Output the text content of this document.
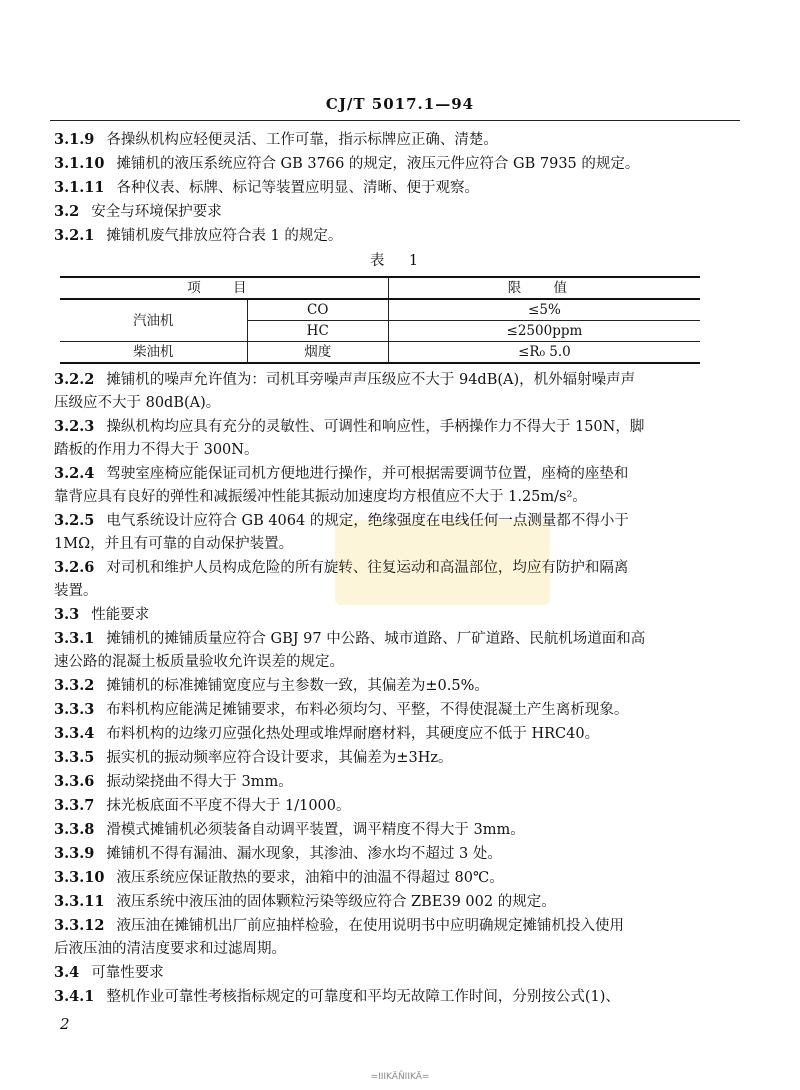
CJ/T 5017.1—94
3.1.9 各操纵机构应轻便灵活、工作可靠，指示标牌应正确、清楚。
3.1.10 摊铺机的液压系统应符合 GB 3766 的规定，液压元件应符合 GB 7935 的规定。
3.1.11 各种仪表、标牌、标记等装置应明显、清晰、便于观察。
3.2 安全与环境保护要求
3.2.1 摊铺机废气排放应符合表 1 的规定。
表 1
项 目		限 值
汽油机	CO	≤5%
	HC	≤2500ppm
柴油机	烟度	≤R₀ 5.0
3.2.2 摊铺机的噪声允许值为：司机耳旁噪声声压级应不大于 94dB(A)，机外辐射噪声声
压级应不大于 80dB(A)。
3.2.3 操纵机构均应具有充分的灵敏性、可调性和响应性，手柄操作力不得大于 150N，脚
踏板的作用力不得大于 300N。
3.2.4 驾驶室座椅应能保证司机方便地进行操作，并可根据需要调节位置，座椅的座垫和
靠背应具有良好的弹性和减振缓冲性能其振动加速度均方根值应不大于 1.25m/s²。
3.2.5 电气系统设计应符合 GB 4064 的规定，绝缘强度在电线任何一点测量都不得小于
1MΩ，并且有可靠的自动保护装置。
3.2.6 对司机和维护人员构成危险的所有旋转、往复运动和高温部位，均应有防护和隔离
装置。
3.3 性能要求
3.3.1 摊铺机的摊铺质量应符合 GBJ 97 中公路、城市道路、厂矿道路、民航机场道面和高
速公路的混凝土板质量验收允许误差的规定。
3.3.2 摊铺机的标准摊铺宽度应与主参数一致，其偏差为±0.5%。
3.3.3 布料机构应能满足摊铺要求，布料必须均匀、平整，不得使混凝土产生离析现象。
3.3.4 布料机构的边缘刃应强化热处理或堆焊耐磨材料，其硬度应不低于 HRC40。
3.3.5 振实机的振动频率应符合设计要求，其偏差为±3Hz。
3.3.6 振动梁挠曲不得大于 3mm。
3.3.7 抹光板底面不平度不得大于 1/1000。
3.3.8 滑模式摊铺机必须装备自动调平装置，调平精度不得大于 3mm。
3.3.9 摊铺机不得有漏油、漏水现象，其渗油、渗水均不超过 3 处。
3.3.10 液压系统应保证散热的要求，油箱中的油温不得超过 80℃。
3.3.11 液压系统中液压油的固体颗粒污染等级应符合 ZBE39 002 的规定。
3.3.12 液压油在摊铺机出厂前应抽样检验，在使用说明书中应明确规定摊铺机投入使用
后液压油的清洁度要求和过滤周期。
3.4 可靠性要求
3.4.1 整机作业可靠性考核指标规定的可靠度和平均无故障工作时间，分别按公式(1)、
2
=IIIKÄÑIIKÄ=
